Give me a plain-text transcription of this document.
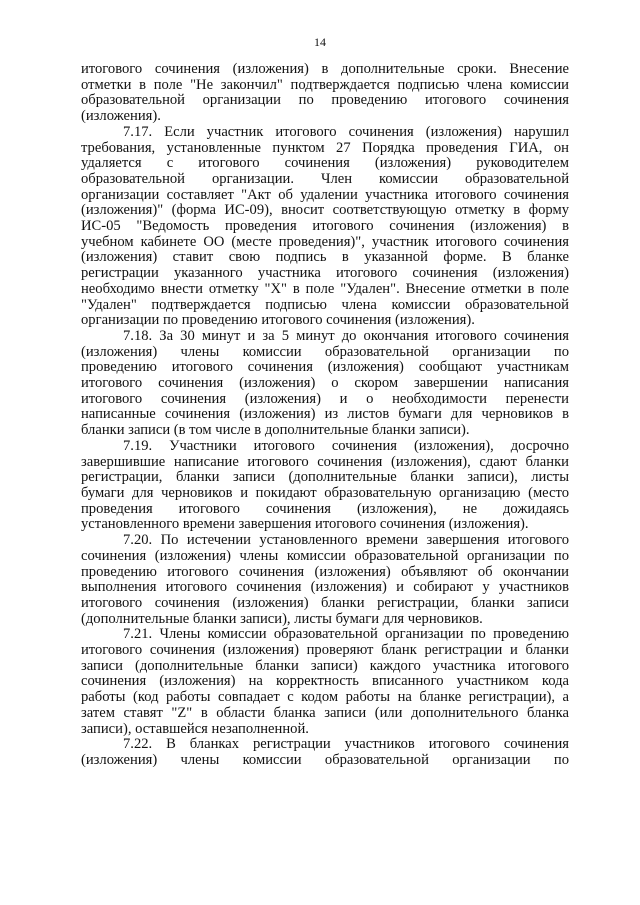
14

итогового сочинения (изложения) в дополнительные сроки. Внесение
отметки в поле "Не закончил" подтверждается подписью члена комиссии
образовательной организации по проведению итогового сочинения
(изложения).

7.17. Если участник итогового сочинения (изложения) нарушил
требования, установленные пунктом 27 Порядка проведения ГИА, он
удаляется с итогового сочинения (изложения) руководителем
образовательной организации. Член комиссии образовательной
организации составляет "Акт об удалении участника итогового сочинения
(изложения)" (форма ИС-09), вносит соответствующую отметку в форму
ИС-05 "Ведомость проведения итогового сочинения (изложения) в
учебном кабинете ОО (месте проведения)", участник итогового сочинения
(изложения) ставит свою подпись в указанной форме. В бланке
регистрации указанного участника итогового сочинения (изложения)
необходимо внести отметку "X" в поле "Удален". Внесение отметки в поле
"Удален" подтверждается подписью члена комиссии образовательной
организации по проведению итогового сочинения (изложения).

7.18. За 30 минут и за 5 минут до окончания итогового сочинения
(изложения) члены комиссии образовательной организации по
проведению итогового сочинения (изложения) сообщают участникам
итогового сочинения (изложения) о скором завершении написания
итогового сочинения (изложения) и о необходимости перенести
написанные сочинения (изложения) из листов бумаги для черновиков в
бланки записи (в том числе в дополнительные бланки записи).

7.19. Участники итогового сочинения (изложения), досрочно
завершившие написание итогового сочинения (изложения), сдают бланки
регистрации, бланки записи (дополнительные бланки записи), листы
бумаги для черновиков и покидают образовательную организацию (место
проведения итогового сочинения (изложения), не дожидаясь
установленного времени завершения итогового сочинения (изложения).

7.20. По истечении установленного времени завершения итогового
сочинения (изложения) члены комиссии образовательной организации по
проведению итогового сочинения (изложения) объявляют об окончании
выполнения итогового сочинения (изложения) и собирают у участников
итогового сочинения (изложения) бланки регистрации, бланки записи
(дополнительные бланки записи), листы бумаги для черновиков.

7.21. Члены комиссии образовательной организации по проведению
итогового сочинения (изложения) проверяют бланк регистрации и бланки
записи (дополнительные бланки записи) каждого участника итогового
сочинения (изложения) на корректность вписанного участником кода
работы (код работы совпадает с кодом работы на бланке регистрации), а
затем ставят "Z" в области бланка записи (или дополнительного бланка
записи), оставшейся незаполненной.

7.22. В бланках регистрации участников итогового сочинения
(изложения) члены комиссии образовательной организации по
